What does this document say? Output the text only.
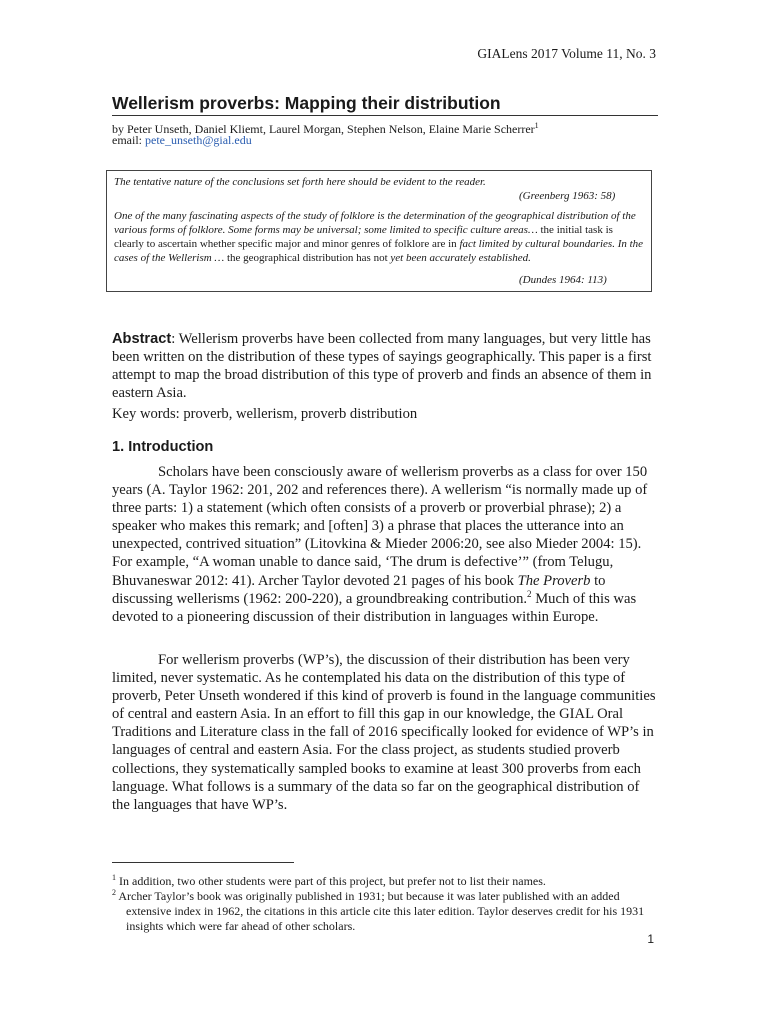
GIALens 2017 Volume 11, No. 3
Wellerism proverbs: Mapping their distribution
by Peter Unseth, Daniel Kliemt, Laurel Morgan, Stephen Nelson, Elaine Marie Scherrer$^1$
email: pete_unseth@gial.edu

The tentative nature of the conclusions set forth here should be evident to the reader.

(Greenberg 1963: 58)

One of the many fascinating aspects of the study of folklore is the determination of the geographical distribution of the various forms of folklore. Some forms may be universal; some limited to specific culture areas… the initial task is clearly to ascertain whether specific major and minor genres of folklore are in fact limited by cultural boundaries. In the cases of the Wellerism … the geographical distribution has not yet been accurately established.

(Dundes 1964: 113)

Abstract: Wellerism proverbs have been collected from many languages, but very little has been written on the distribution of these types of sayings geographically. This paper is a first attempt to map the broad distribution of this type of proverb and finds an absence of them in eastern Asia.

Key words: proverb, wellerism, proverb distribution

1. Introduction

Scholars have been consciously aware of wellerism proverbs as a class for over 150 years (A. Taylor 1962: 201, 202 and references there). A wellerism “is normally made up of three parts: 1) a statement (which often consists of a proverb or proverbial phrase); 2) a speaker who makes this remark; and [often] 3) a phrase that places the utterance into an unexpected, contrived situation” (Litovkina & Mieder 2006:20, see also Mieder 2004: 15). For example, “A woman unable to dance said, ‘The drum is defective’” (from Telugu, Bhuvaneswar 2012: 41). Archer Taylor devoted 21 pages of his book The Proverb to discussing wellerisms (1962: 200-220), a groundbreaking contribution.$^2$ Much of this was devoted to a pioneering discussion of their distribution in languages within Europe.

For wellerism proverbs (WP’s), the discussion of their distribution has been very limited, never systematic. As he contemplated his data on the distribution of this type of proverb, Peter Unseth wondered if this kind of proverb is found in the language communities of central and eastern Asia. In an effort to fill this gap in our knowledge, the GIAL Oral Traditions and Literature class in the fall of 2016 specifically looked for evidence of WP’s in languages of central and eastern Asia. For the class project, as students studied proverb collections, they systematically sampled books to examine at least 300 proverbs from each language. What follows is a summary of the data so far on the geographical distribution of the languages that have WP’s.

$^1$ In addition, two other students were part of this project, but prefer not to list their names.

$^2$ Archer Taylor’s book was originally published in 1931; but because it was later published with an added extensive index in 1962, the citations in this article cite this later edition. Taylor deserves credit for his 1931 insights which were far ahead of other scholars.

1
